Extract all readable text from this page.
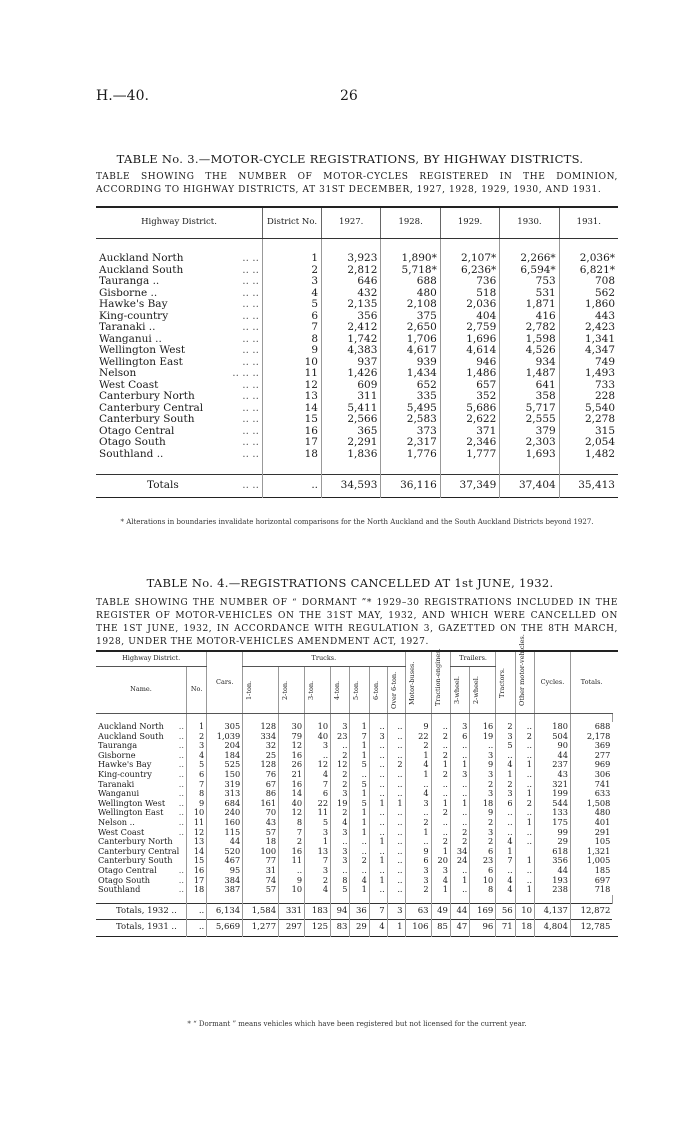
H.—40.	26
TABLE No. 3.—MOTOR-CYCLE REGISTRATIONS, BY HIGHWAY DISTRICTS.
TABLE SHOWING THE NUMBER OF MOTOR-CYCLES REGISTERED IN THE DOMINION, ACCORDING TO HIGHWAY DISTRICTS, AT 31ST DECEMBER, 1927, 1928, 1929, 1930, AND 1931.
Highway District.	District No.	1927.	1928.	1929.	1930.	1931.

Auckland North .. ..	1	3,923	1,890*	2,107*	2,266*	2,036*

Auckland South .. ..	2	2,812	5,718*	6,236*	6,594*	6,821*

Tauranga .. .. ..	3	646	688	736	753	708

Gisborne .. .. ..	4	432	480	518	531	562

Hawke's Bay .. ..	5	2,135	2,108	2,036	1,871	1,860

King-country .. ..	6	356	375	404	416	443

Taranaki .. .. ..	7	2,412	2,650	2,759	2,782	2,423

Wanganui .. .. ..	8	1,742	1,706	1,696	1,598	1,341

Wellington West .. ..	9	4,383	4,617	4,614	4,526	4,347

Wellington East .. ..	10	937	939	946	934	749

Nelson .. .. ..	11	1,426	1,434	1,486	1,487	1,493

West Coast .. ..	12	609	652	657	641	733

Canterbury North .. ..	13	311	335	352	358	228

Canterbury Central .. ..	14	5,411	5,495	5,686	5,717	5,540

Canterbury South .. ..	15	2,566	2,583	2,622	2,555	2,278

Otago Central .. ..	16	365	373	371	379	315

Otago South .. ..	17	2,291	2,317	2,346	2,303	2,054

Southland .. .. ..	18	1,836	1,776	1,777	1,693	1,482

Totals .. ..	..	34,593	36,116	37,349	37,404	35,413
* Alterations in boundaries invalidate horizontal comparisons for the North Auckland and the South Auckland Districts beyond 1927.
TABLE No. 4.—REGISTRATIONS CANCELLED AT 1st JUNE, 1932.
TABLE SHOWING THE NUMBER OF “ DORMANT ”* 1929–30 REGISTRATIONS INCLUDED IN THE REGISTER OF MOTOR-VEHICLES ON THE 31ST MAY, 1932, AND WHICH WERE CANCELLED ON THE 1ST JUNE, 1932, IN ACCORDANCE WITH REGULATION 3, GAZETTED ON THE 8TH MARCH, 1928, UNDER THE MOTOR-VEHICLES AMENDMENT ACT, 1927.
Highway District.		Cars.	Trucks.							Motor-buses.	Traction-engines.	Trailers.		Tractors.	Other motor-vehicles.	Cycles.	Totals.	
Name.	No.		1-ton.	2-ton.	3-ton.	4-ton.	5-ton.	6-ton.	Over 6-ton.			3-wheel.	2-wheel.					

Auckland North ..	1	305	128	30	10	3	1	..	..	9	..	3	16	2	..	180	688	

Auckland South ..	2	1,039	334	79	40	23	7	3	..	22	2	6	19	3	2	504	2,178	

Tauranga ..	3	204	32	12	3	..	1	..	..	2	..	..	..	5	..	90	369	

Gisborne ..	4	184	25	16	..	2	1	..	..	1	2	..	3	..	..	44	277	

Hawke's Bay ..	5	525	128	26	12	12	5	..	2	4	1	1	9	4	1	237	969	

King-country ..	6	150	76	21	4	2	..	..	..	1	2	3	3	1	..	43	306	

Taranaki ..	7	319	67	16	7	2	5	..	..	..	..	..	2	2	..	321	741	

Wanganui ..	8	313	86	14	6	3	1	..	..	4	..	..	3	3	1	199	633	

Wellington West ..	9	684	161	40	22	19	5	1	1	3	1	1	18	6	2	544	1,508	

Wellington East ..	10	240	70	12	11	2	1	..	..	..	2	..	9	..	..	133	480	

Nelson .. ..	11	160	43	8	5	4	1	..	..	2	..	..	2	..	1	175	401	

West Coast ..	12	115	57	7	3	3	1	..	..	1	..	2	3	..	..	99	291	

Canterbury North	13	44	18	2	1	..	..	1	..	..	2	2	2	4	..	29	105	

Canterbury Central	14	520	100	16	13	3	..	..	..	9	1	34	6	1		618	1,321	

Canterbury South	15	467	77	11	7	3	2	1	..	6	20	24	23	7	1	356	1,005	

Otago Central ..	16	95	31	..	3	..	..	..	..	3	3	..	6	..	..	44	185	

Otago South ..	17	384	74	9	2	8	4	1	..	3	4	1	10	4	..	193	697	

Southland ..	18	387	57	10	4	5	1	..	..	2	1	..	8	4	1	238	718	

Totals, 1932 ..	..	6,134	1,584	331	183	94	36	7	3	63	49	44	169	56	10	4,137	12,872	
Totals, 1931 ..	..	5,669	1,277	297	125	83	29	4	1	106	85	47	96	71	18	4,804	12,785	
* “ Dormant ” means vehicles which have been registered but not licensed for the current year.
